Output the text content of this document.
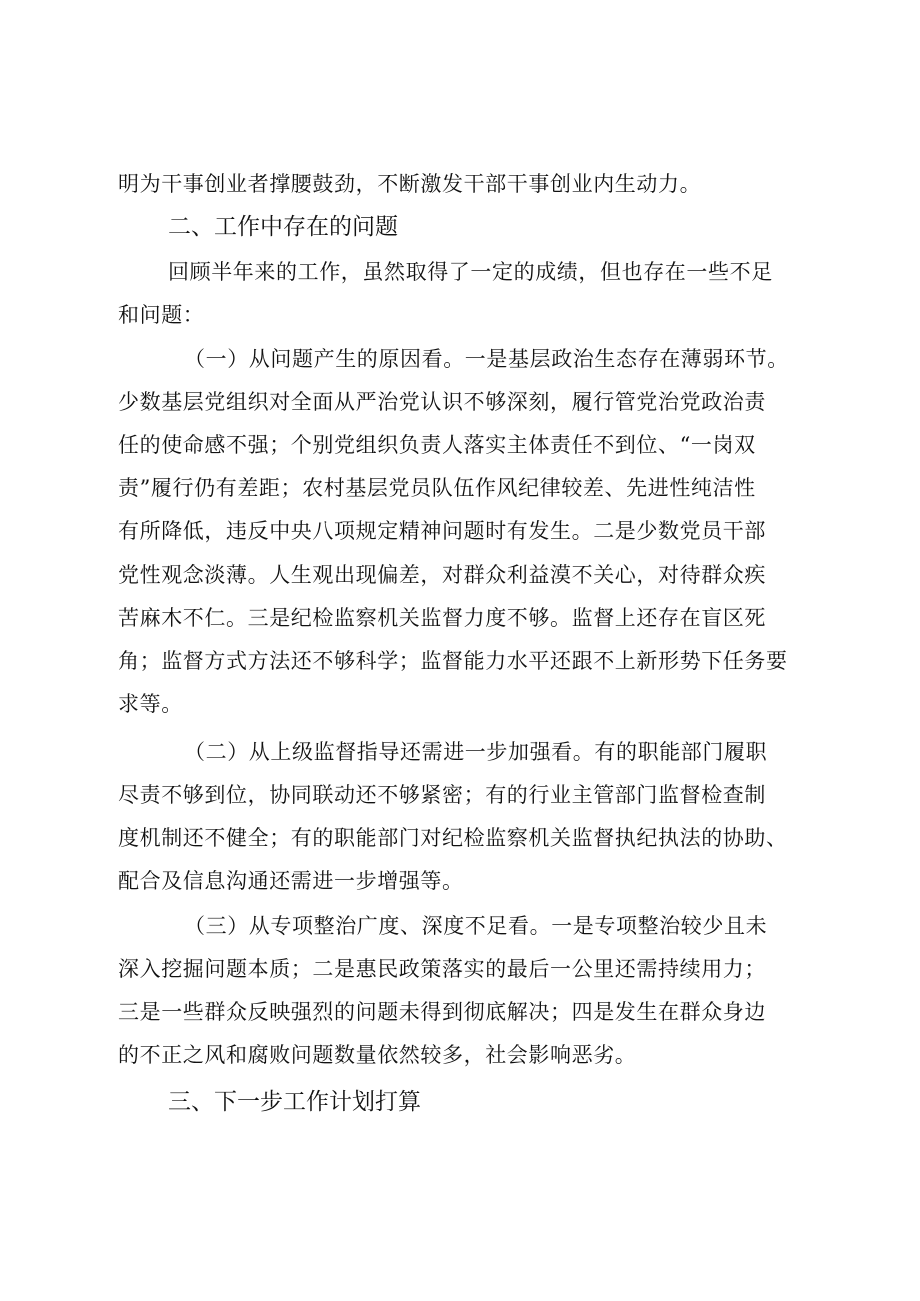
明为干事创业者撑腰鼓劲，不断激发干部干事创业内生动力。
二、工作中存在的问题
回顾半年来的工作，虽然取得了一定的成绩，但也存在一些不足
和问题：
（一）从问题产生的原因看。一是基层政治生态存在薄弱环节。
少数基层党组织对全面从严治党认识不够深刻，履行管党治党政治责
任的使命感不强；个别党组织负责人落实主体责任不到位、“一岗双
责”履行仍有差距；农村基层党员队伍作风纪律较差、先进性纯洁性
有所降低，违反中央八项规定精神问题时有发生。二是少数党员干部
党性观念淡薄。人生观出现偏差，对群众利益漠不关心，对待群众疾
苦麻木不仁。三是纪检监察机关监督力度不够。监督上还存在盲区死
角；监督方式方法还不够科学；监督能力水平还跟不上新形势下任务要
求等。
（二）从上级监督指导还需进一步加强看。有的职能部门履职
尽责不够到位，协同联动还不够紧密；有的行业主管部门监督检查制
度机制还不健全；有的职能部门对纪检监察机关监督执纪执法的协助、
配合及信息沟通还需进一步增强等。
（三）从专项整治广度、深度不足看。一是专项整治较少且未
深入挖掘问题本质；二是惠民政策落实的最后一公里还需持续用力；
三是一些群众反映强烈的问题未得到彻底解决；四是发生在群众身边
的不正之风和腐败问题数量依然较多，社会影响恶劣。
三、下一步工作计划打算
